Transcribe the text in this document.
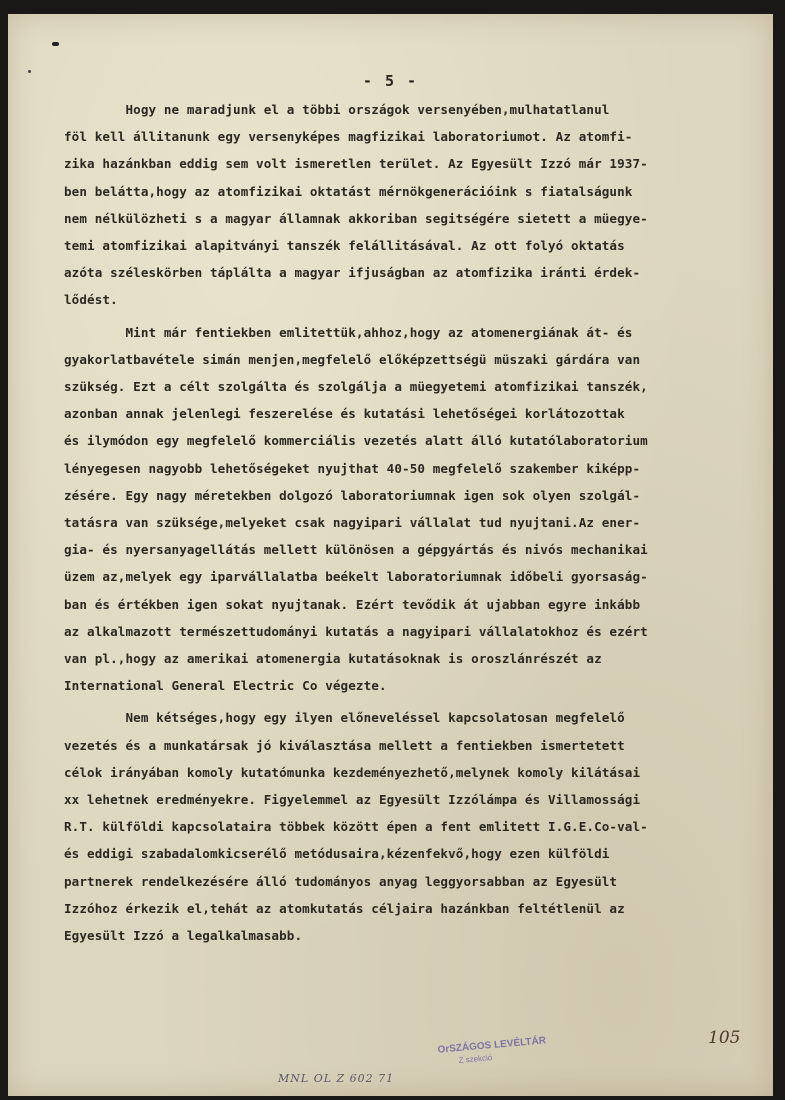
- 5 -
Hogy ne maradjunk el a többi országok versenyében,mulhatatlanul
föl kell állitanunk egy versenyképes magfizikai laboratoriumot. Az atomfi-
zika hazánkban eddig sem volt ismeretlen terület. Az Egyesült Izzó már 1937-
ben belátta,hogy az atomfizikai oktatást mérnökgenerációink s fiatalságunk
nem nélkülözheti s a magyar államnak akkoriban segitségére sietett a müegye-
temi atomfizikai alapitványi tanszék felállitásával. Az ott folyó oktatás
azóta széleskörben táplálta a magyar ifjuságban az atomfizika iránti érdek-
lődést.
Mint már fentiekben emlitettük,ahhoz,hogy az atomenergiának át- és
gyakorlatbavétele simán menjen,megfelelő előképzettségü müszaki gárdára van
szükség. Ezt a célt szolgálta és szolgálja a müegyetemi atomfizikai tanszék,
azonban annak jelenlegi feszerelése és kutatási lehetőségei korlátozottak
és ilymódon egy megfelelő kommerciális vezetés alatt álló kutatólaboratorium
lényegesen nagyobb lehetőségeket nyujthat 40-50 megfelelő szakember kiképp-
zésére. Egy nagy méretekben dolgozó laboratoriumnak igen sok olyen szolgál-
tatásra van szüksége,melyeket csak nagyipari vállalat tud nyujtani.Az ener-
gia- és nyersanyagellátás mellett különösen a gépgyártás és nivós mechanikai
üzem az,melyek egy iparvállalatba beékelt laboratoriumnak időbeli gyorsaság-
ban és értékben igen sokat nyujtanak. Ezért tevődik át ujabban egyre inkább
az alkalmazott természettudományi kutatás a nagyipari vállalatokhoz és ezért
van pl.,hogy az amerikai atomenergia kutatásoknak is oroszlánrészét az
International General Electric Co végezte.
Nem kétséges,hogy egy ilyen előneveléssel kapcsolatosan megfelelő
vezetés és a munkatársak jó kiválasztása mellett a fentiekben ismertetett
célok irányában komoly kutatómunka kezdeményezhető,melynek komoly kilátásai
xx lehetnek eredményekre. Figyelemmel az Egyesült Izzólámpa és Villamossági
R.T. külföldi kapcsolataira többek között épen a fent emlitett I.G.E.Co-val-
és eddigi szabadalomkicserélő metódusaira,kézenfekvő,hogy ezen külföldi
partnerek rendelkezésére álló tudományos anyag leggyorsabban az Egyesült
Izzóhoz érkezik el,tehát az atomkutatás céljaira hazánkban feltétlenül az
Egyesült Izzó a legalkalmasabb.
105
OrSZÁGOS LEVÉLTÁR
Z szekció
MNL OL Z 602 71
